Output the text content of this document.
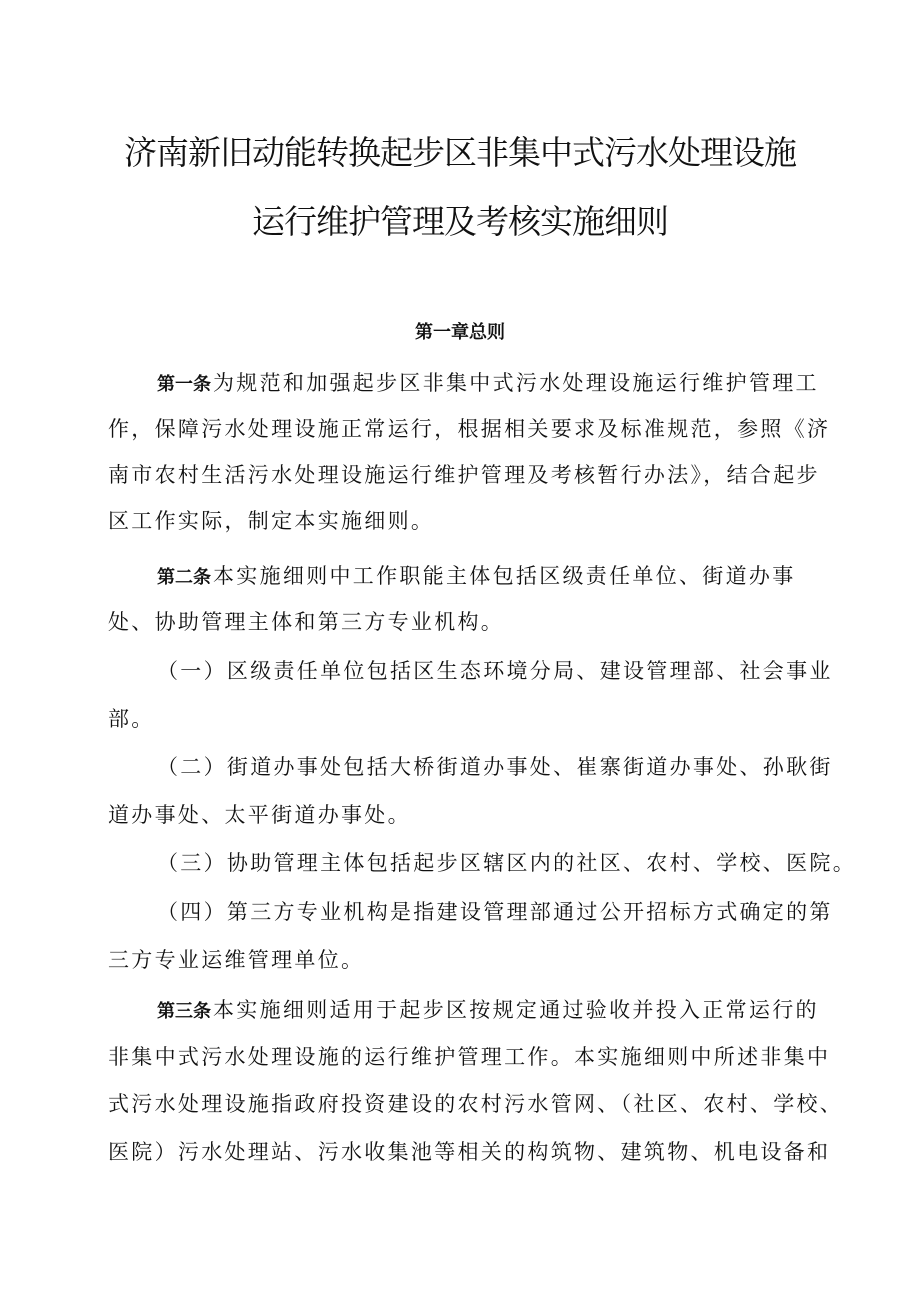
济南新旧动能转换起步区非集中式污水处理设施
运行维护管理及考核实施细则
第一章总则
第一条为规范和加强起步区非集中式污水处理设施运行维护管理工
作，保障污水处理设施正常运行，根据相关要求及标准规范，参照《济
南市农村生活污水处理设施运行维护管理及考核暂行办法》，结合起步
区工作实际，制定本实施细则。
第二条本实施细则中工作职能主体包括区级责任单位、街道办事
处、协助管理主体和第三方专业机构。
（一）区级责任单位包括区生态环境分局、建设管理部、社会事业
部。
（二）街道办事处包括大桥街道办事处、崔寨街道办事处、孙耿街
道办事处、太平街道办事处。
（三）协助管理主体包括起步区辖区内的社区、农村、学校、医院。
（四）第三方专业机构是指建设管理部通过公开招标方式确定的第
三方专业运维管理单位。
第三条本实施细则适用于起步区按规定通过验收并投入正常运行的
非集中式污水处理设施的运行维护管理工作。本实施细则中所述非集中
式污水处理设施指政府投资建设的农村污水管网、（社区、农村、学校、
医院）污水处理站、污水收集池等相关的构筑物、建筑物、机电设备和
